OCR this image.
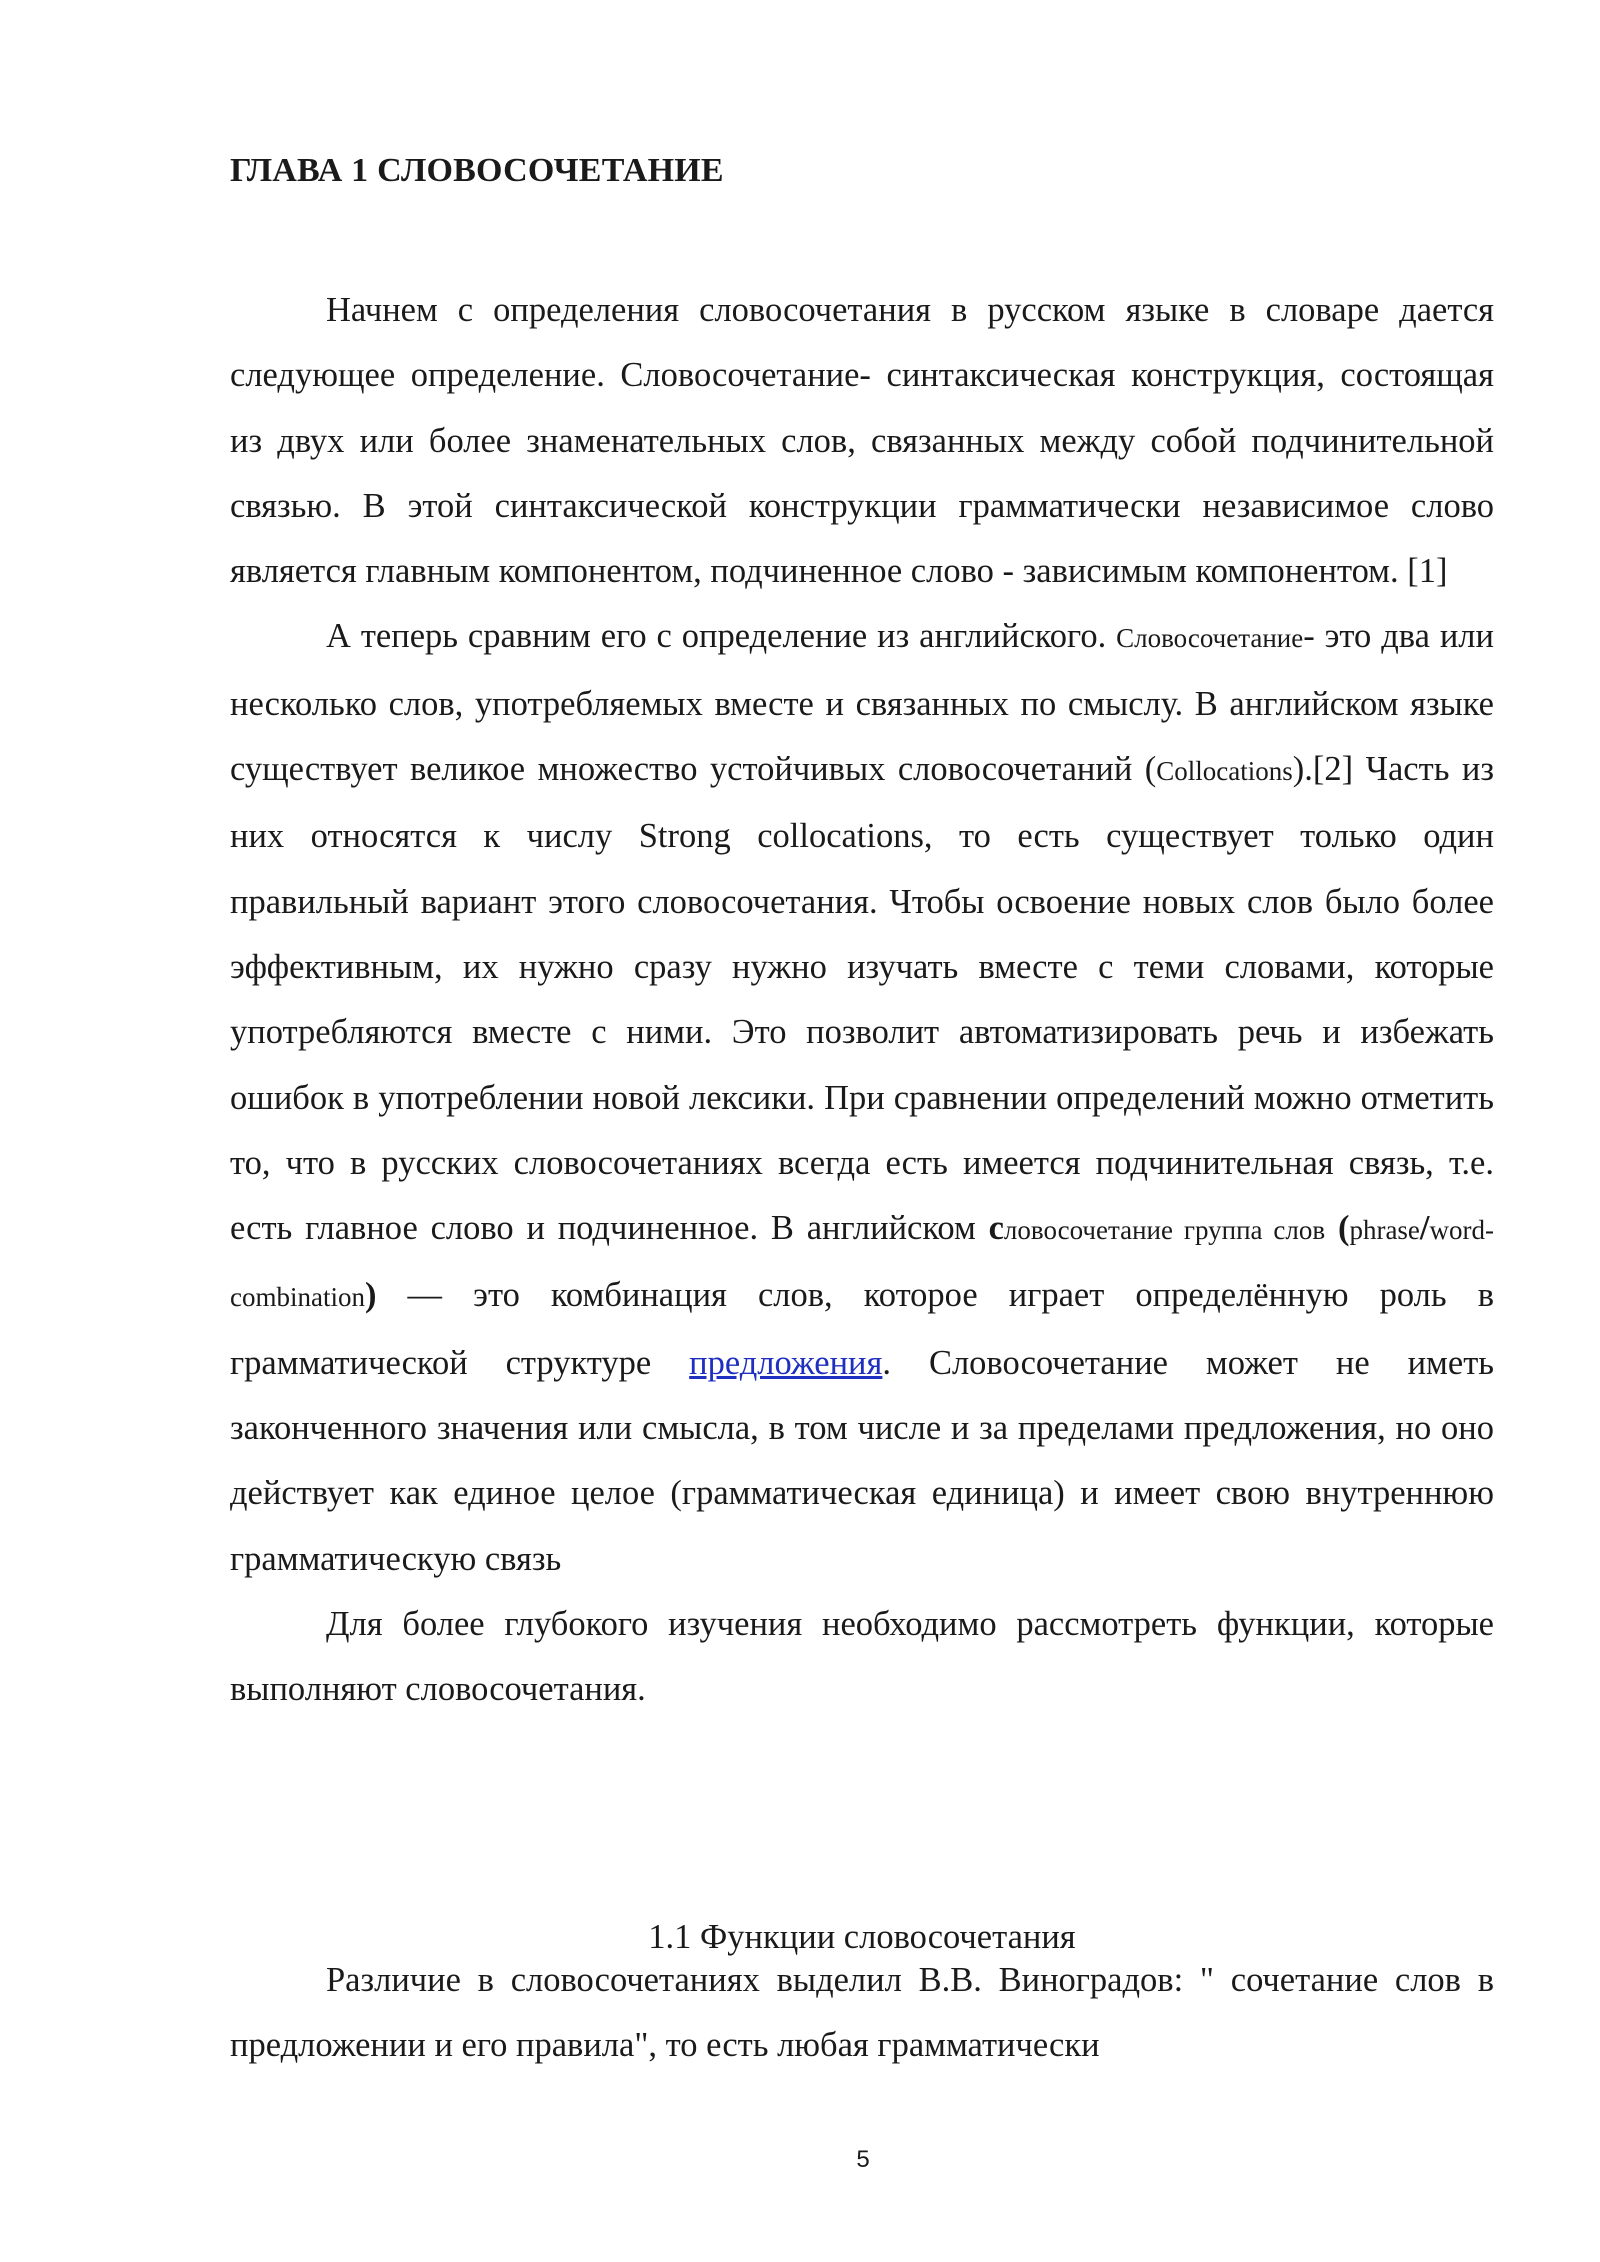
ГЛАВА 1 СЛОВОСОЧЕТАНИЕ

Начнем с определения словосочетания в русском языке в словаре дается следующее определение. Словосочетание- синтаксическая конструкция, состоящая из двух или более знаменательных слов, связанных между собой подчинительной связью. В этой синтаксической конструкции грамматически независимое слово является главным компонентом, подчиненное слово - зависимым компонентом. [1]

А теперь сравним его с определение из английского. Словосочетание- это два или несколько слов, употребляемых вместе и связанных по смыслу. В английском языке существует великое множество устойчивых словосочетаний (Collocations).[2] Часть из них относятся к числу Strong collocations, то есть существует только один правильный вариант этого словосочетания. Чтобы освоение новых слов было более эффективным, их нужно сразу нужно изучать вместе с теми словами, которые употребляются вместе с ними. Это позволит автоматизировать речь и избежать ошибок в употреблении новой лексики. При сравнении определений можно отметить то, что в русских словосочетаниях всегда есть имеется подчинительная связь, т.е. есть главное слово и подчиненное. В английском словосочетание группа слов (phrase/word-combination) — это комбинация слов, которое играет определённую роль в грамматической структуре предложения. Словосочетание может не иметь законченного значения или смысла, в том числе и за пределами предложения, но оно действует как единое целое (грамматическая единица) и имеет свою внутреннюю грамматическую связь

Для более глубокого изучения необходимо рассмотреть функции, которые выполняют словосочетания.

1.1 Функции словосочетания

Различие в словосочетаниях выделил В.В. Виноградов: " сочетание слов в предложении и его правила", то есть любая грамматически

5
